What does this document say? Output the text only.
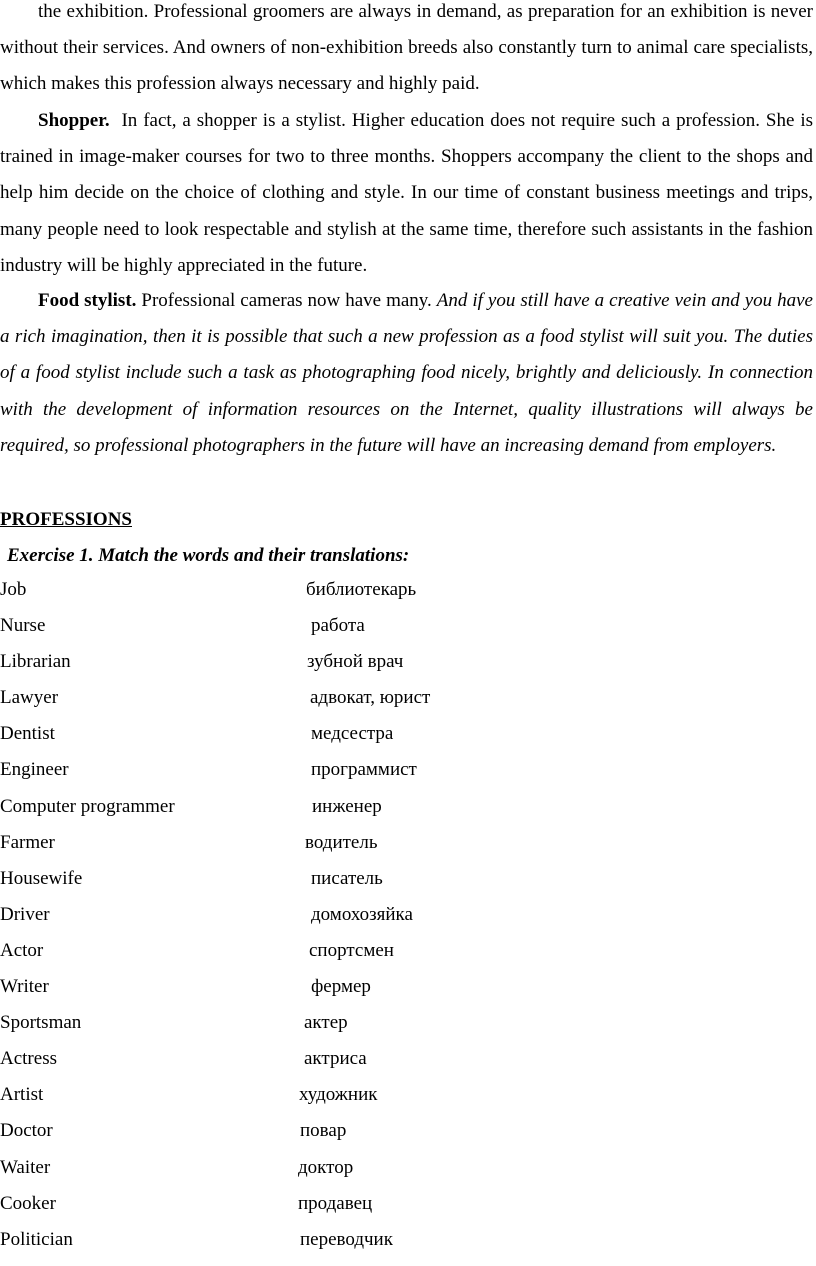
the exhibition. Professional groomers are always in demand, as preparation for an exhibition is never without their services. And owners of non-exhibition breeds also constantly turn to animal care specialists, which makes this profession always necessary and highly paid.

Shopper. In fact, a shopper is a stylist. Higher education does not require such a profession. She is trained in image-maker courses for two to three months. Shoppers accompany the client to the shops and help him decide on the choice of clothing and style. In our time of constant business meetings and trips, many people need to look respectable and stylish at the same time, therefore such assistants in the fashion industry will be highly appreciated in the future.

Food stylist. Professional cameras now have many. And if you still have a creative vein and you have a rich imagination, then it is possible that such a new profession as a food stylist will suit you. The duties of a food stylist include such a task as photographing food nicely, brightly and deliciously. In connection with the development of information resources on the Internet, quality illustrations will always be required, so professional photographers in the future will have an increasing demand from employers.

PROFESSIONS

Exercise 1. Match the words and their translations:

Job	библиотекарь
Nurse	работа
Librarian	зубной врач
Lawyer	адвокат, юрист
Dentist	медсестра
Engineer	программист
Computer programmer	инженер
Farmer	водитель
Housewife	писатель
Driver	домохозяйка
Actor	спортсмен
Writer	фермер
Sportsman	актер
Actress	актриса
Artist	художник
Doctor	повар
Waiter	доктор
Cooker	продавец
Politician	переводчик
